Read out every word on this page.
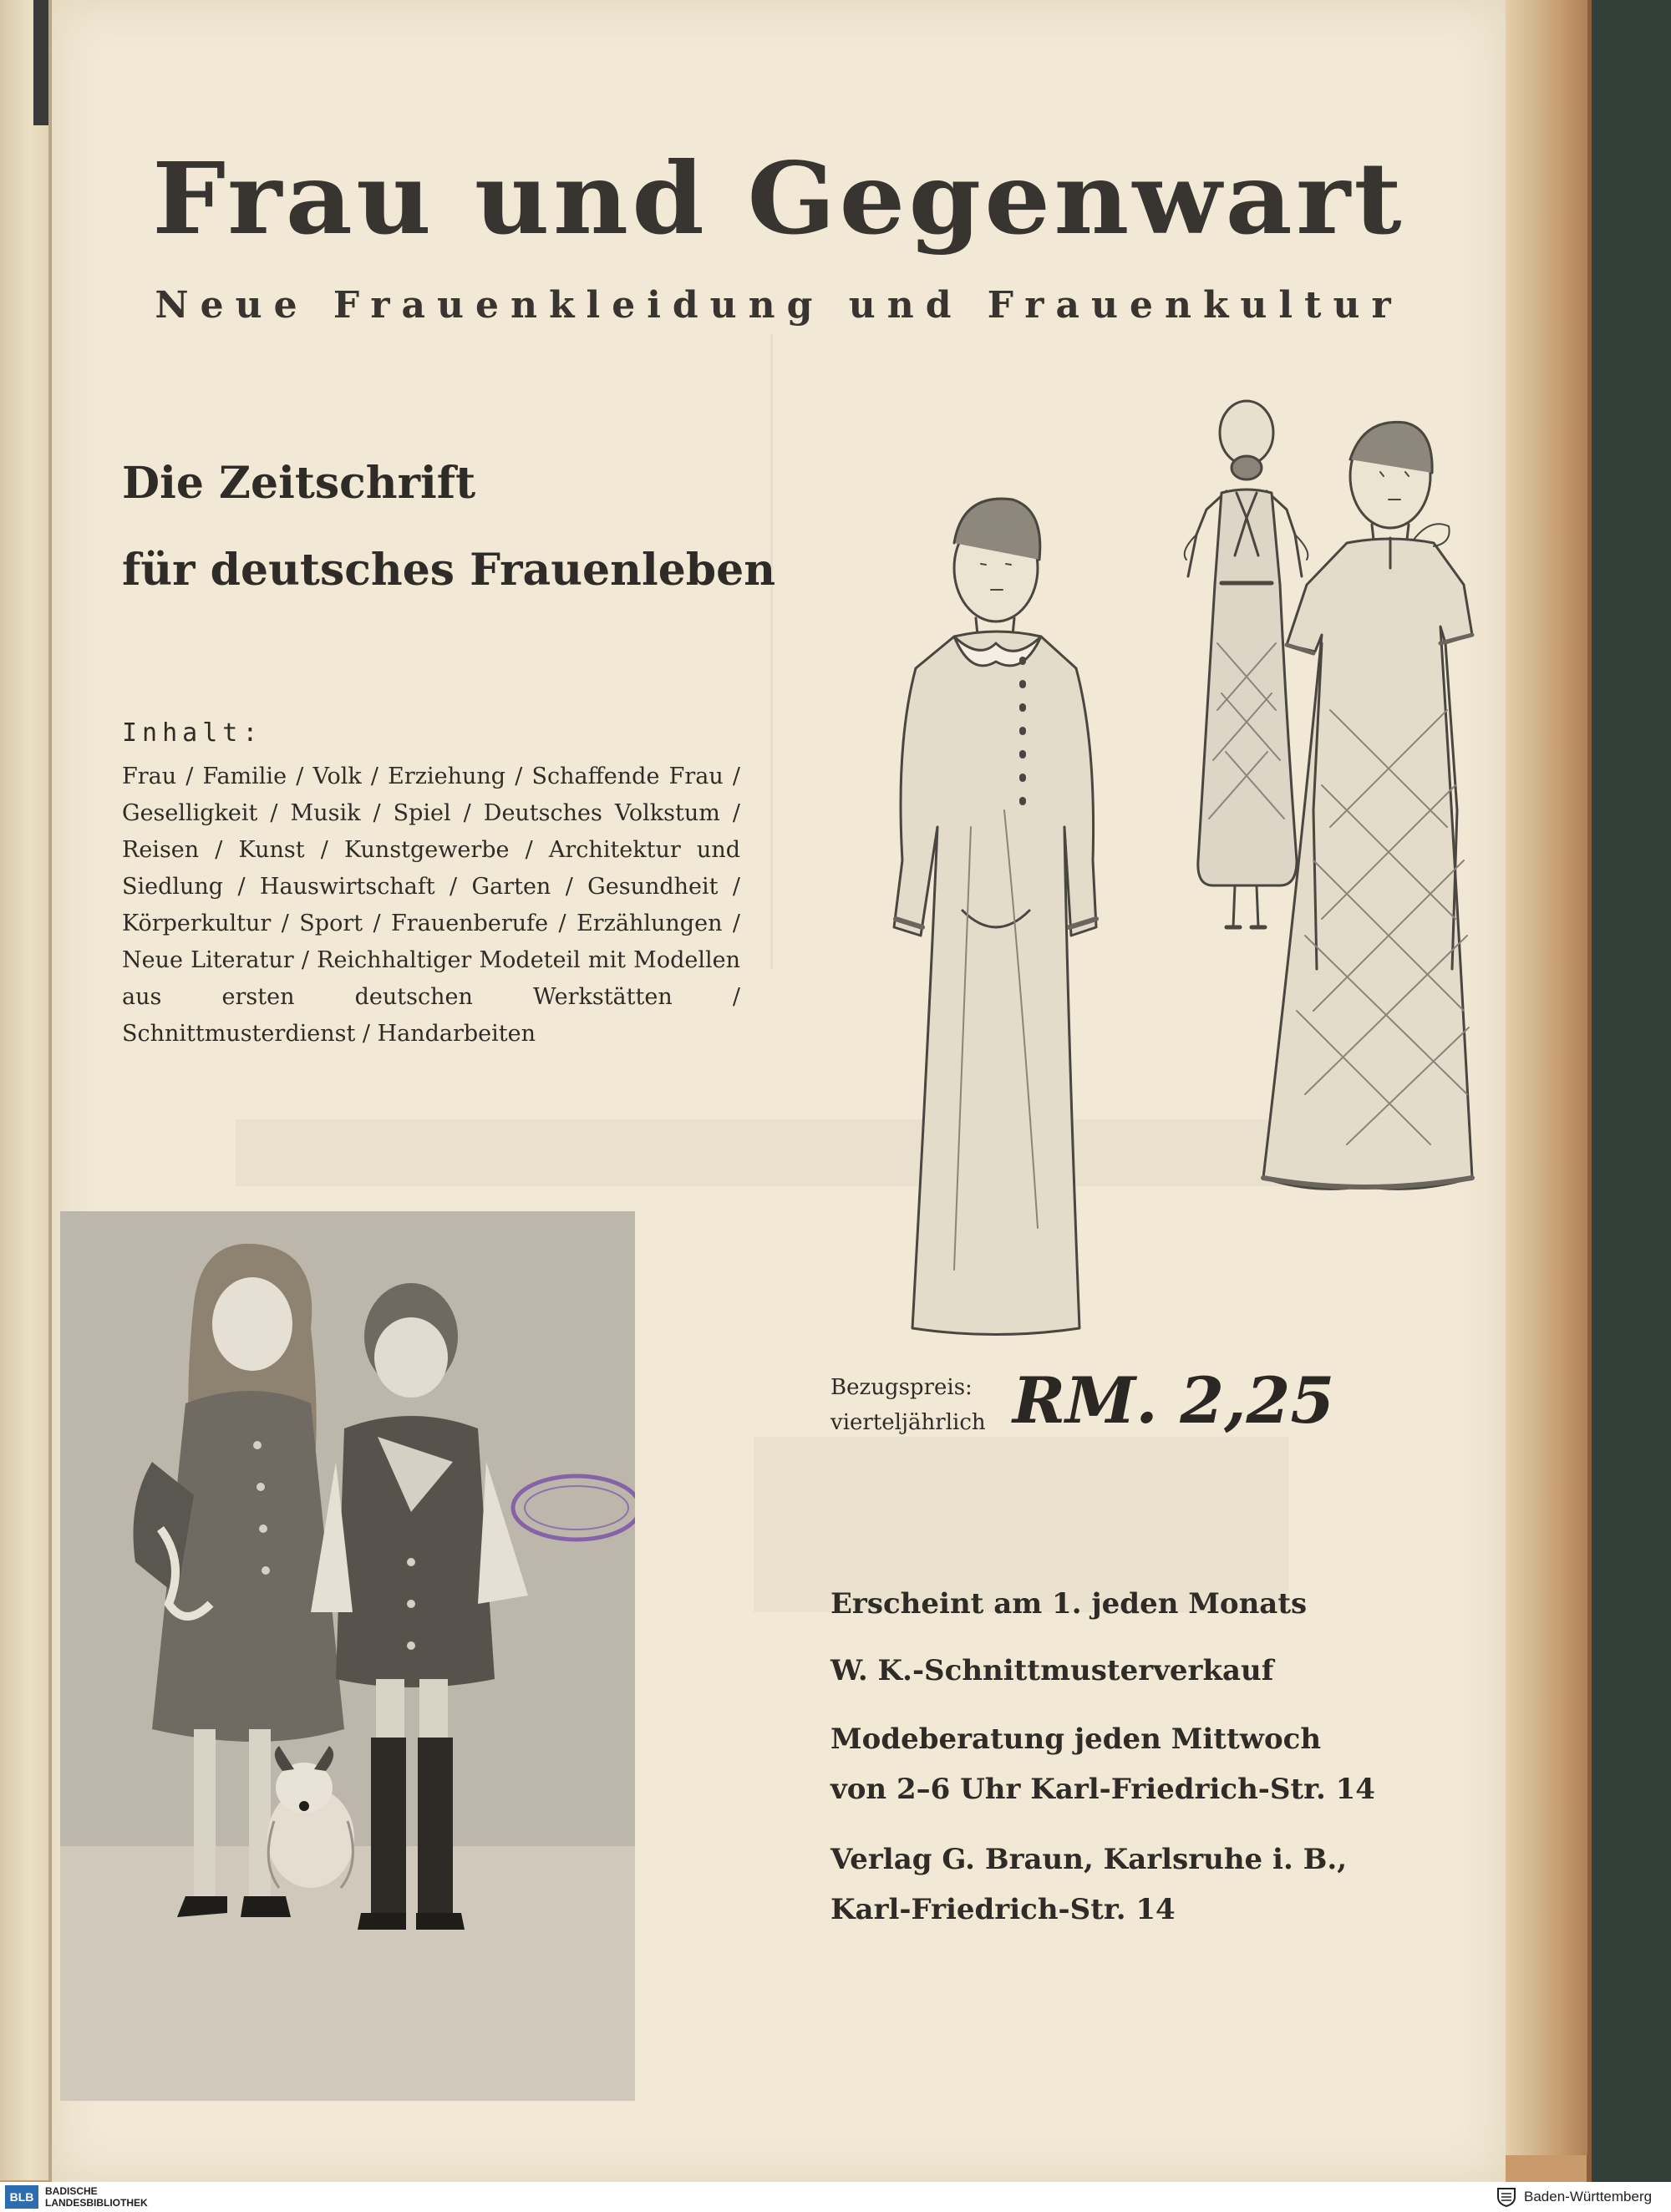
Frau und Gegenwart
Neue Frauenkleidung und Frauenkultur
Die Zeitschrift
für deutsches Frauenleben
Inhalt:
Frau / Familie / Volk / Erziehung / Schaffende Frau / Geselligkeit / Musik / Spiel / Deutsches Volkstum / Reisen / Kunst / Kunstgewerbe / Architektur und Siedlung / Hauswirtschaft / Garten / Gesundheit / Körperkultur / Sport / Frauenberufe / Erzählungen / Neue Literatur / Reichhaltiger Modeteil mit Modellen aus ersten deutschen Werkstätten / Schnittmusterdienst / Handarbeiten
Bezugspreis:
vierteljährlich RM. 2,25
Erscheint am 1. jeden Monats
W. K.-Schnittmusterverkauf
Modeberatung jeden Mittwoch
von 2–6 Uhr Karl-Friedrich-Str. 14
Verlag G. Braun, Karlsruhe i. B.,
Karl-Friedrich-Str. 14
BLB	BADISCHE
LANDESBIBLIOTHEK	Baden-Württemberg
